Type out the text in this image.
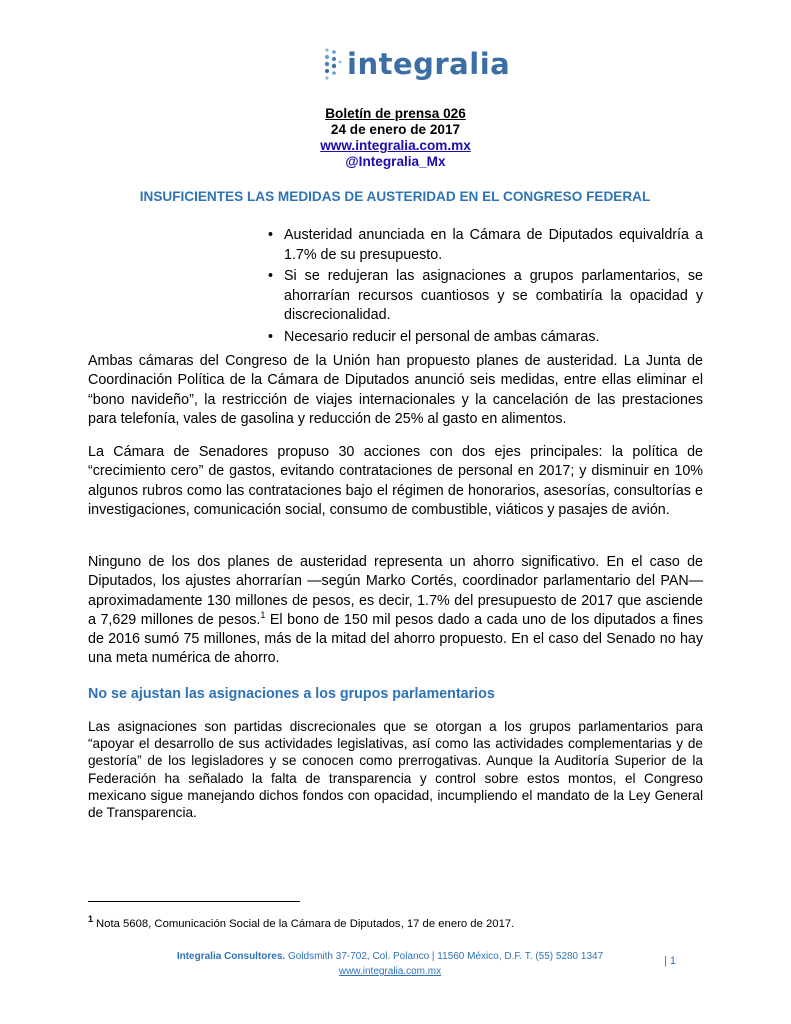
integralia
Boletín de prensa 026
24 de enero de 2017
www.integralia.com.mx
@Integralia_Mx
INSUFICIENTES LAS MEDIDAS DE AUSTERIDAD EN EL CONGRESO FEDERAL
• Austeridad anunciada en la Cámara de Diputados equivaldría a 1.7% de su presupuesto.
• Si se redujeran las asignaciones a grupos parlamentarios, se ahorrarían recursos cuantiosos y se combatiría la opacidad y discrecionalidad.
• Necesario reducir el personal de ambas cámaras.

Ambas cámaras del Congreso de la Unión han propuesto planes de austeridad. La Junta de Coordinación Política de la Cámara de Diputados anunció seis medidas, entre ellas eliminar el “bono navideño”, la restricción de viajes internacionales y la cancelación de las prestaciones para telefonía, vales de gasolina y reducción de 25% al gasto en alimentos.

La Cámara de Senadores propuso 30 acciones con dos ejes principales: la política de “crecimiento cero” de gastos, evitando contrataciones de personal en 2017; y disminuir en 10% algunos rubros como las contrataciones bajo el régimen de honorarios, asesorías, consultorías e investigaciones, comunicación social, consumo de combustible, viáticos y pasajes de avión.

Ninguno de los dos planes de austeridad representa un ahorro significativo. En el caso de Diputados, los ajustes ahorrarían —según Marko Cortés, coordinador parlamentario del PAN— aproximadamente 130 millones de pesos, es decir, 1.7% del presupuesto de 2017 que asciende a 7,629 millones de pesos.$^1$ El bono de 150 mil pesos dado a cada uno de los diputados a fines de 2016 sumó 75 millones, más de la mitad del ahorro propuesto. En el caso del Senado no hay una meta numérica de ahorro.

No se ajustan las asignaciones a los grupos parlamentarios

Las asignaciones son partidas discrecionales que se otorgan a los grupos parlamentarios para “apoyar el desarrollo de sus actividades legislativas, así como las actividades complementarias y de gestoría” de los legisladores y se conocen como prerrogativas. Aunque la Auditoría Superior de la Federación ha señalado la falta de transparencia y control sobre estos montos, el Congreso mexicano sigue manejando dichos fondos con opacidad, incumpliendo el mandato de la Ley General de Transparencia.

$^1$ Nota 5608, Comunicación Social de la Cámara de Diputados, 17 de enero de 2017.
Integralia Consultores. Goldsmith 37-702, Col. Polanco | 11560 México, D.F. T. (55) 5280 1347
www.integralia.com.mx
| 1
